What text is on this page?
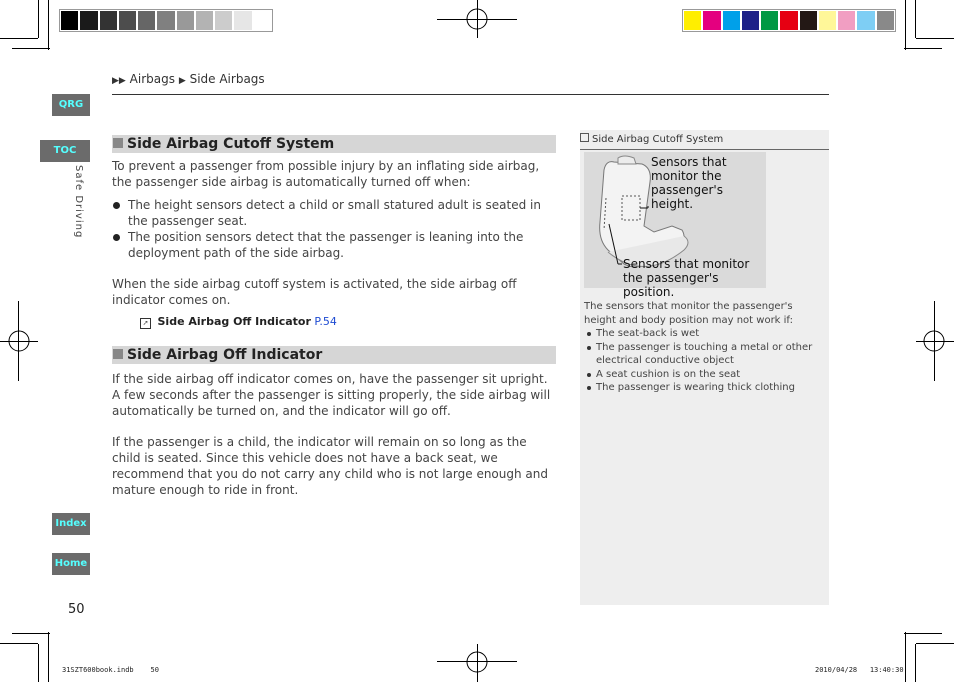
▶▶ Airbags ▶ Side Airbags
QRG
TOC
Safe Driving
Index
Home
50
Side Airbag Cutoff System
To prevent a passenger from possible injury by an inflating side airbag, the passenger side airbag is automatically turned off when:
The height sensors detect a child or small statured adult is seated in the passenger seat.
The position sensors detect that the passenger is leaning into the deployment path of the side airbag.
When the side airbag cutoff system is activated, the side airbag off indicator comes on.
➚ Side Airbag Off Indicator P.54
Side Airbag Off Indicator
If the side airbag off indicator comes on, have the passenger sit upright. A few seconds after the passenger is sitting properly, the side airbag will automatically be turned on, and the indicator will go off.
If the passenger is a child, the indicator will remain on so long as the child is seated. Since this vehicle does not have a back seat, we recommend that you do not carry any child who is not large enough and mature enough to ride in front.
Side Airbag Cutoff System
Sensors that
monitor the
passenger's height.
Sensors that monitor
the passenger's position.
The sensors that monitor the passenger's height and body position may not work if:
The seat-back is wet
The passenger is touching a metal or other electrical conductive object
A seat cushion is on the seat
The passenger is wearing thick clothing
31SZT600book.indb 50	2010/04/28 13:40:30
